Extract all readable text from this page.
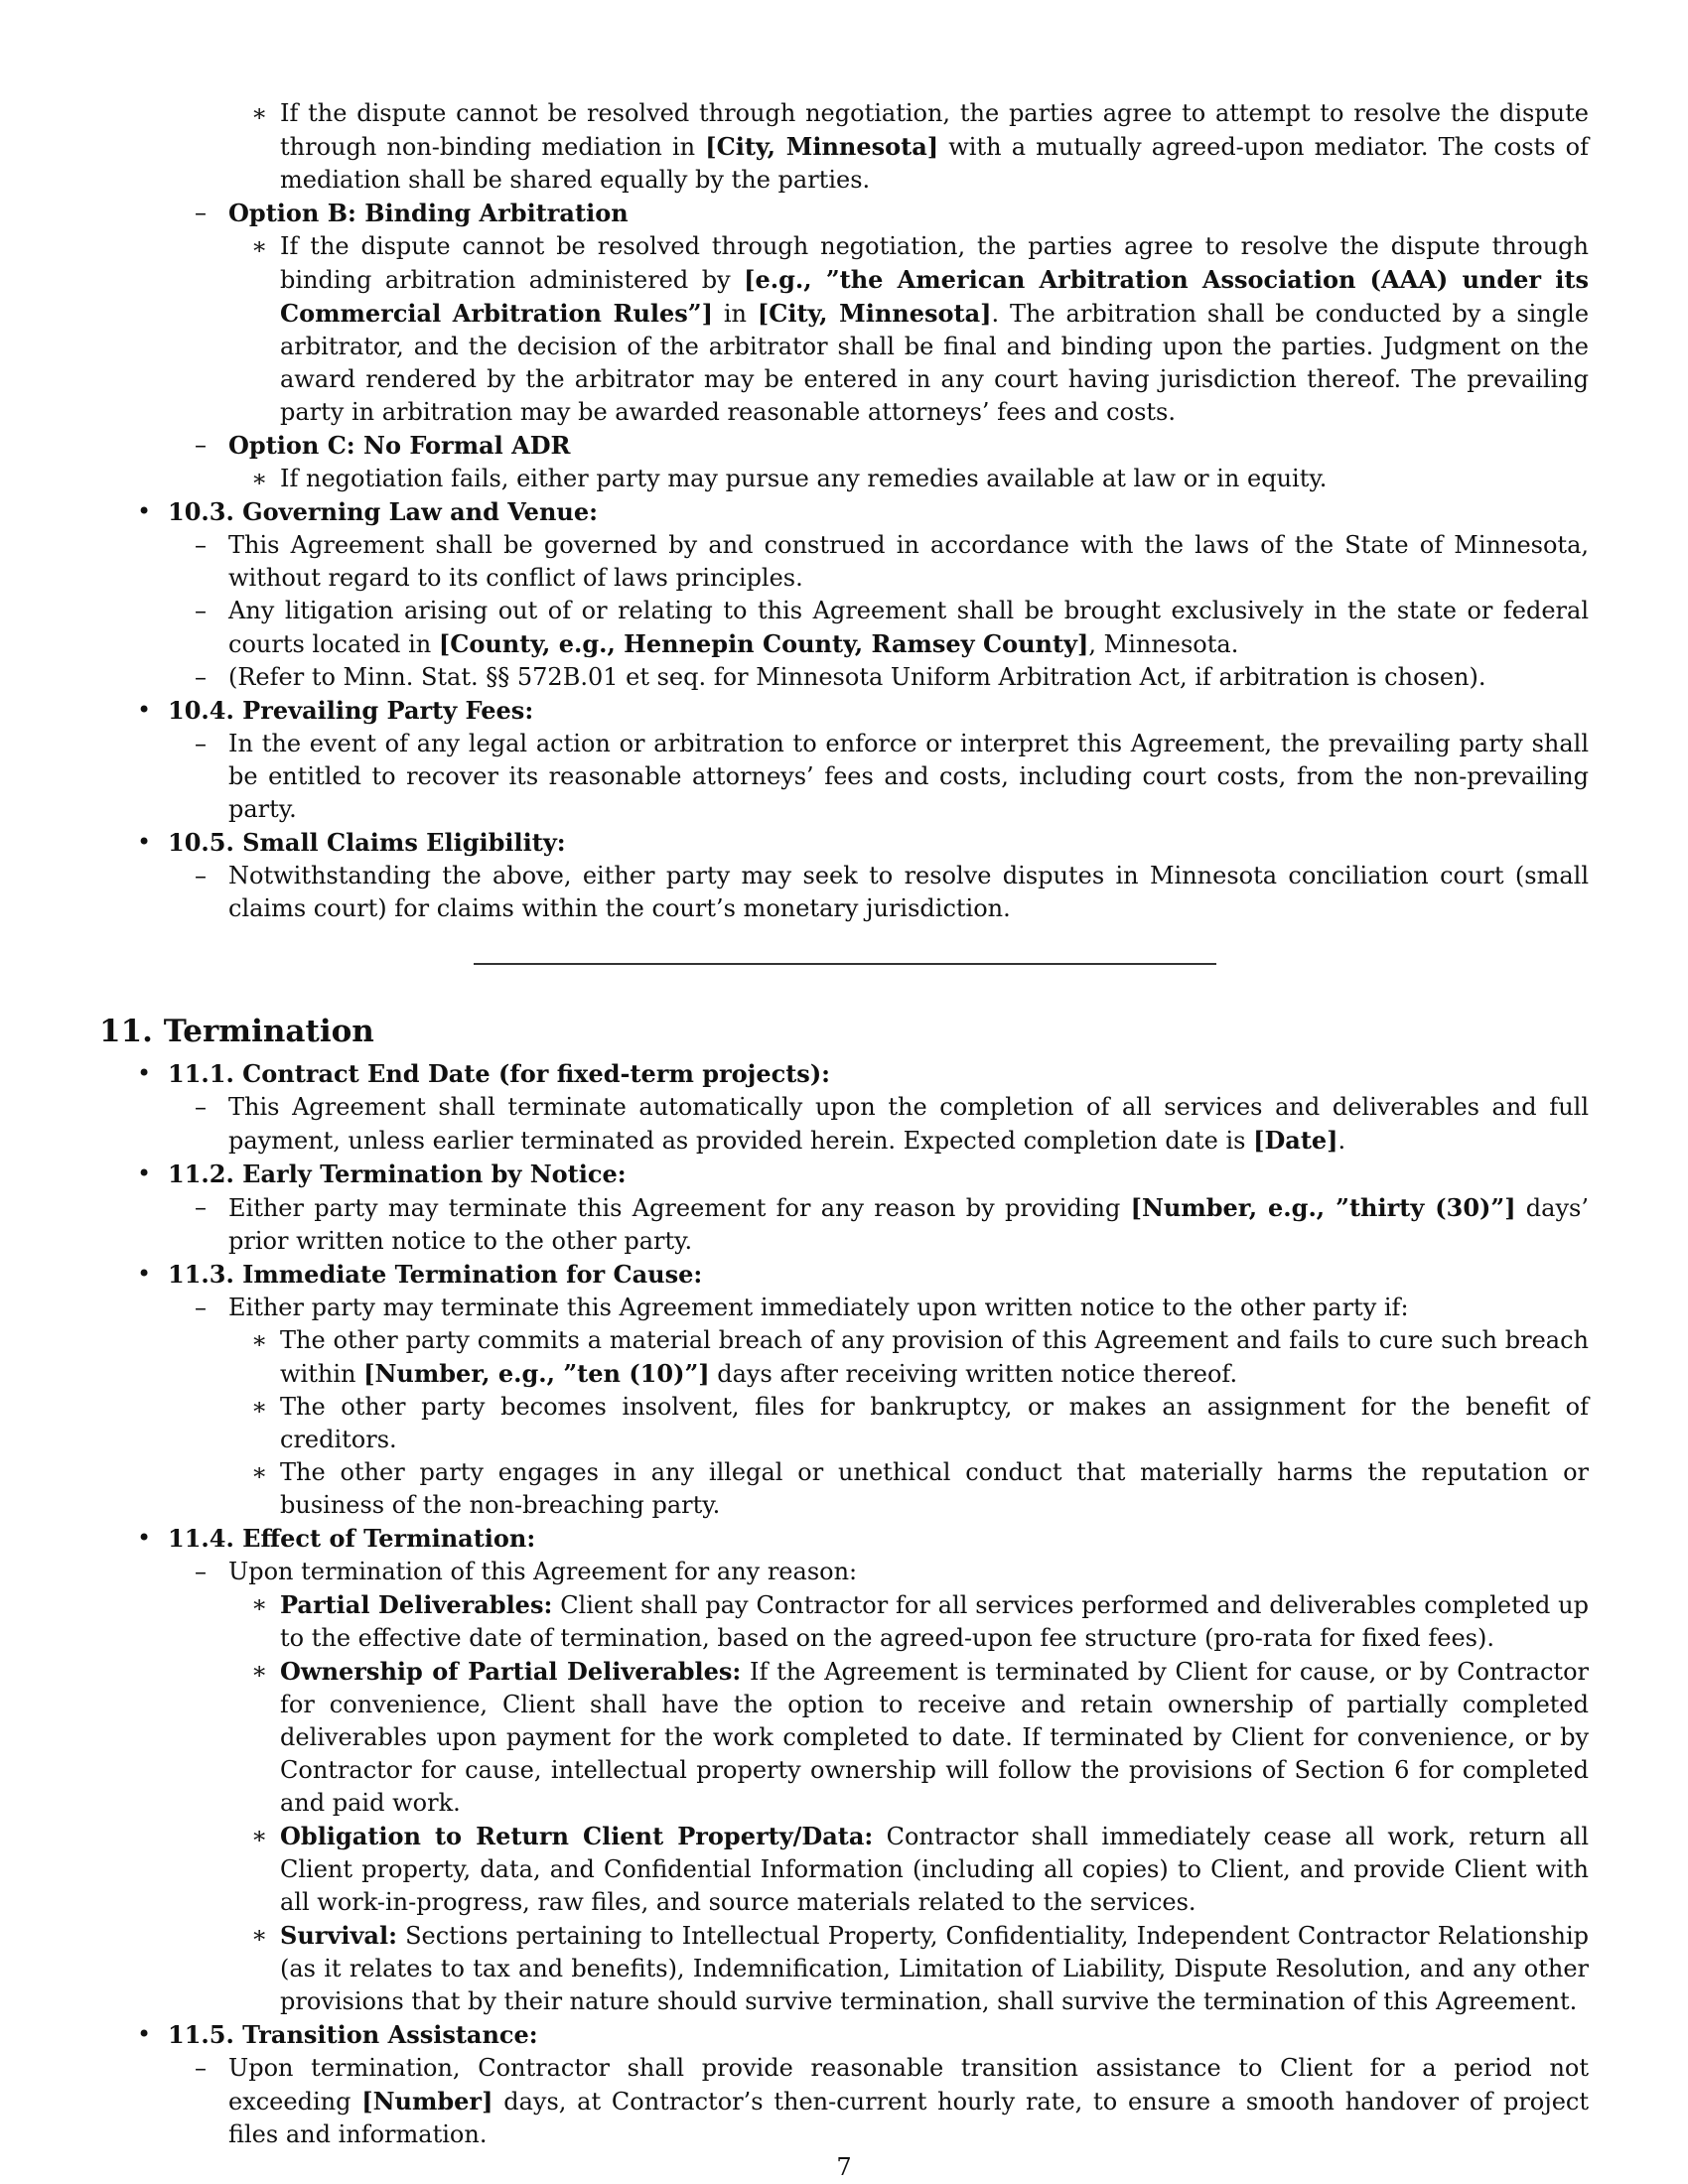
∗ If the dispute cannot be resolved through negotiation, the parties agree to attempt to resolve the dispute through non-binding mediation in [City, Minnesota] with a mutually agreed-upon mediator. The costs of mediation shall be shared equally by the parties.
– Option B: Binding Arbitration
∗ If the dispute cannot be resolved through negotiation, the parties agree to resolve the dispute through binding arbitration administered by [e.g., ”the American Arbitration Association (AAA) under its Commercial Arbitration Rules”] in [City, Minnesota]. The arbitration shall be conducted by a single arbitrator, and the decision of the arbitrator shall be final and binding upon the parties. Judgment on the award rendered by the arbitrator may be entered in any court having jurisdiction thereof. The prevailing party in arbitration may be awarded reasonable attorneys’ fees and costs.
– Option C: No Formal ADR
∗ If negotiation fails, either party may pursue any remedies available at law or in equity.
• 10.3. Governing Law and Venue:
– This Agreement shall be governed by and construed in accordance with the laws of the State of Minnesota, without regard to its conflict of laws principles.
– Any litigation arising out of or relating to this Agreement shall be brought exclusively in the state or federal courts located in [County, e.g., Hennepin County, Ramsey County], Minnesota.
– (Refer to Minn. Stat. §§ 572B.01 et seq. for Minnesota Uniform Arbitration Act, if arbitration is chosen).
• 10.4. Prevailing Party Fees:
– In the event of any legal action or arbitration to enforce or interpret this Agreement, the prevailing party shall be entitled to recover its reasonable attorneys’ fees and costs, including court costs, from the non-prevailing party.
• 10.5. Small Claims Eligibility:
– Notwithstanding the above, either party may seek to resolve disputes in Minnesota conciliation court (small claims court) for claims within the court’s monetary jurisdiction.
11. Termination
• 11.1. Contract End Date (for fixed-term projects):
– This Agreement shall terminate automatically upon the completion of all services and deliverables and full payment, unless earlier terminated as provided herein. Expected completion date is [Date].
• 11.2. Early Termination by Notice:
– Either party may terminate this Agreement for any reason by providing [Number, e.g., ”thirty (30)”] days’ prior written notice to the other party.
• 11.3. Immediate Termination for Cause:
– Either party may terminate this Agreement immediately upon written notice to the other party if:
∗ The other party commits a material breach of any provision of this Agreement and fails to cure such breach within [Number, e.g., ”ten (10)”] days after receiving written notice thereof.
∗ The other party becomes insolvent, files for bankruptcy, or makes an assignment for the benefit of creditors.
∗ The other party engages in any illegal or unethical conduct that materially harms the reputation or business of the non-breaching party.
• 11.4. Effect of Termination:
– Upon termination of this Agreement for any reason:
∗ Partial Deliverables: Client shall pay Contractor for all services performed and deliverables completed up to the effective date of termination, based on the agreed-upon fee structure (pro-rata for fixed fees).
∗ Ownership of Partial Deliverables: If the Agreement is terminated by Client for cause, or by Contractor for convenience, Client shall have the option to receive and retain ownership of partially completed deliverables upon payment for the work completed to date. If terminated by Client for convenience, or by Contractor for cause, intellectual property ownership will follow the provisions of Section 6 for completed and paid work.
∗ Obligation to Return Client Property/Data: Contractor shall immediately cease all work, return all Client property, data, and Confidential Information (including all copies) to Client, and provide Client with all work-in-progress, raw files, and source materials related to the services.
∗ Survival: Sections pertaining to Intellectual Property, Confidentiality, Independent Contractor Relationship (as it relates to tax and benefits), Indemnification, Limitation of Liability, Dispute Resolution, and any other provisions that by their nature should survive termination, shall survive the termination of this Agreement.
• 11.5. Transition Assistance:
– Upon termination, Contractor shall provide reasonable transition assistance to Client for a period not exceeding [Number] days, at Contractor’s then-current hourly rate, to ensure a smooth handover of project files and information.
7
